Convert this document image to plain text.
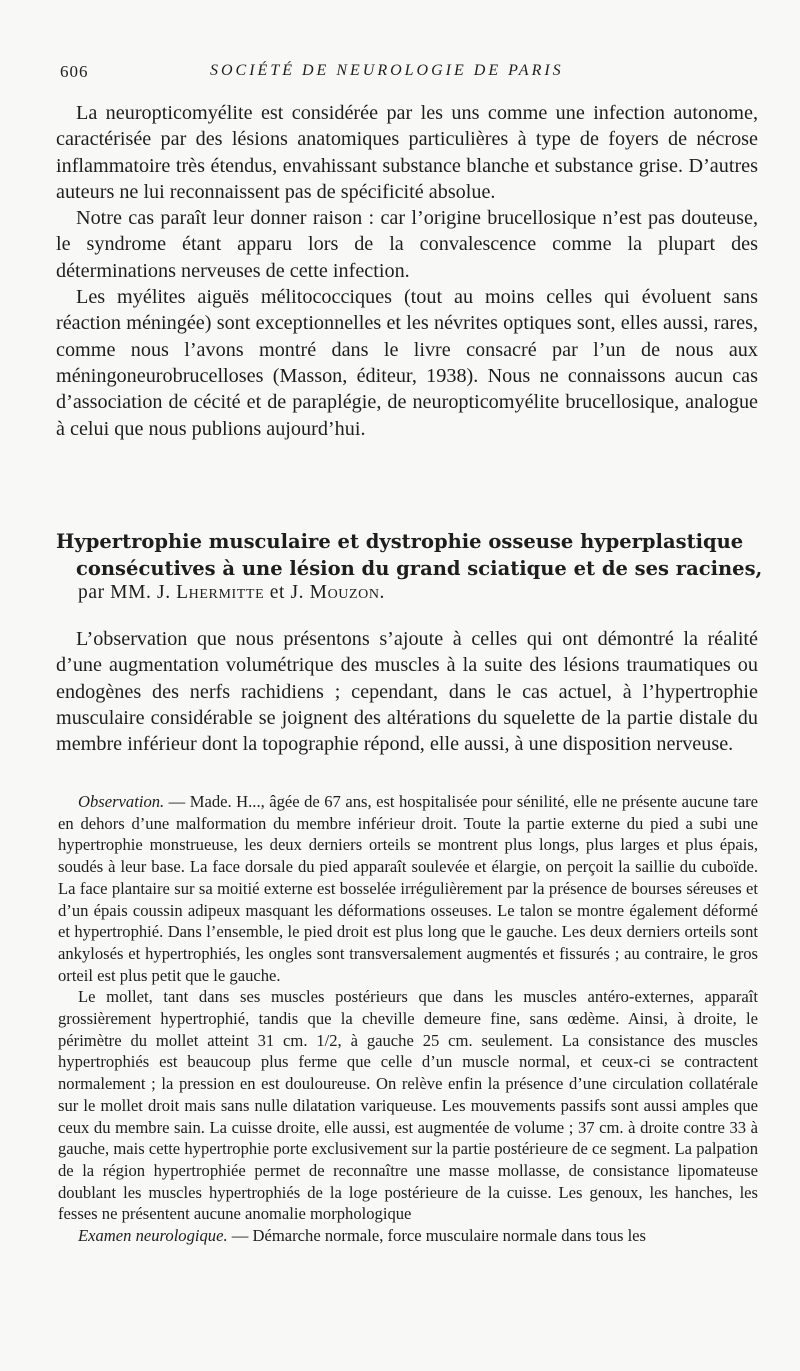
606	SOCIÉTÉ DE NEUROLOGIE DE PARIS

La neuropticomyélite est considérée par les uns comme une infection autonome, caractérisée par des lésions anatomiques particulières à type de foyers de nécrose inflammatoire très étendus, envahissant substance blanche et substance grise. D’autres auteurs ne lui reconnaissent pas de spécificité absolue.

Notre cas paraît leur donner raison : car l’origine brucellosique n’est pas douteuse, le syndrome étant apparu lors de la convalescence comme la plupart des déterminations nerveuses de cette infection.

Les myélites aiguës mélitococciques (tout au moins celles qui évoluent sans réaction méningée) sont exceptionnelles et les névrites optiques sont, elles aussi, rares, comme nous l’avons montré dans le livre consacré par l’un de nous aux méningoneurobrucelloses (Masson, éditeur, 1938). Nous ne connaissons aucun cas d’association de cécité et de paraplégie, de neuropticomyélite brucellosique, analogue à celui que nous publions aujourd’hui.

Hypertrophie musculaire et dystrophie osseuse hyperplastique
consécutives à une lésion du grand sciatique et de ses racines,
par MM. J. Lhermitte et J. Mouzon.

L’observation que nous présentons s’ajoute à celles qui ont démontré la réalité d’une augmentation volumétrique des muscles à la suite des lésions traumatiques ou endogènes des nerfs rachidiens ; cependant, dans le cas actuel, à l’hypertrophie musculaire considérable se joignent des altérations du squelette de la partie distale du membre inférieur dont la topographie répond, elle aussi, à une disposition nerveuse.

Observation. — Made. H..., âgée de 67 ans, est hospitalisée pour sénilité, elle ne présente aucune tare en dehors d’une malformation du membre inférieur droit. Toute la partie externe du pied a subi une hypertrophie monstrueuse, les deux derniers orteils se montrent plus longs, plus larges et plus épais, soudés à leur base. La face dorsale du pied apparaît soulevée et élargie, on perçoit la saillie du cuboïde. La face plantaire sur sa moitié externe est bosselée irrégulièrement par la présence de bourses séreuses et d’un épais coussin adipeux masquant les déformations osseuses. Le talon se montre également déformé et hypertrophié. Dans l’ensemble, le pied droit est plus long que le gauche. Les deux derniers orteils sont ankylosés et hypertrophiés, les ongles sont transversalement augmentés et fissurés ; au contraire, le gros orteil est plus petit que le gauche.

Le mollet, tant dans ses muscles postérieurs que dans les muscles antéro-externes, apparaît grossièrement hypertrophié, tandis que la cheville demeure fine, sans œdème. Ainsi, à droite, le périmètre du mollet atteint 31 cm. 1/2, à gauche 25 cm. seulement. La consistance des muscles hypertrophiés est beaucoup plus ferme que celle d’un muscle normal, et ceux-ci se contractent normalement ; la pression en est douloureuse. On relève enfin la présence d’une circulation collatérale sur le mollet droit mais sans nulle dilatation variqueuse. Les mouvements passifs sont aussi amples que ceux du membre sain. La cuisse droite, elle aussi, est augmentée de volume ; 37 cm. à droite contre 33 à gauche, mais cette hypertrophie porte exclusivement sur la partie postérieure de ce segment. La palpation de la région hypertrophiée permet de reconnaître une masse mollasse, de consistance lipomateuse doublant les muscles hypertrophiés de la loge postérieure de la cuisse. Les genoux, les hanches, les fesses ne présentent aucune anomalie morphologique

Examen neurologique. — Démarche normale, force musculaire normale dans tous les
